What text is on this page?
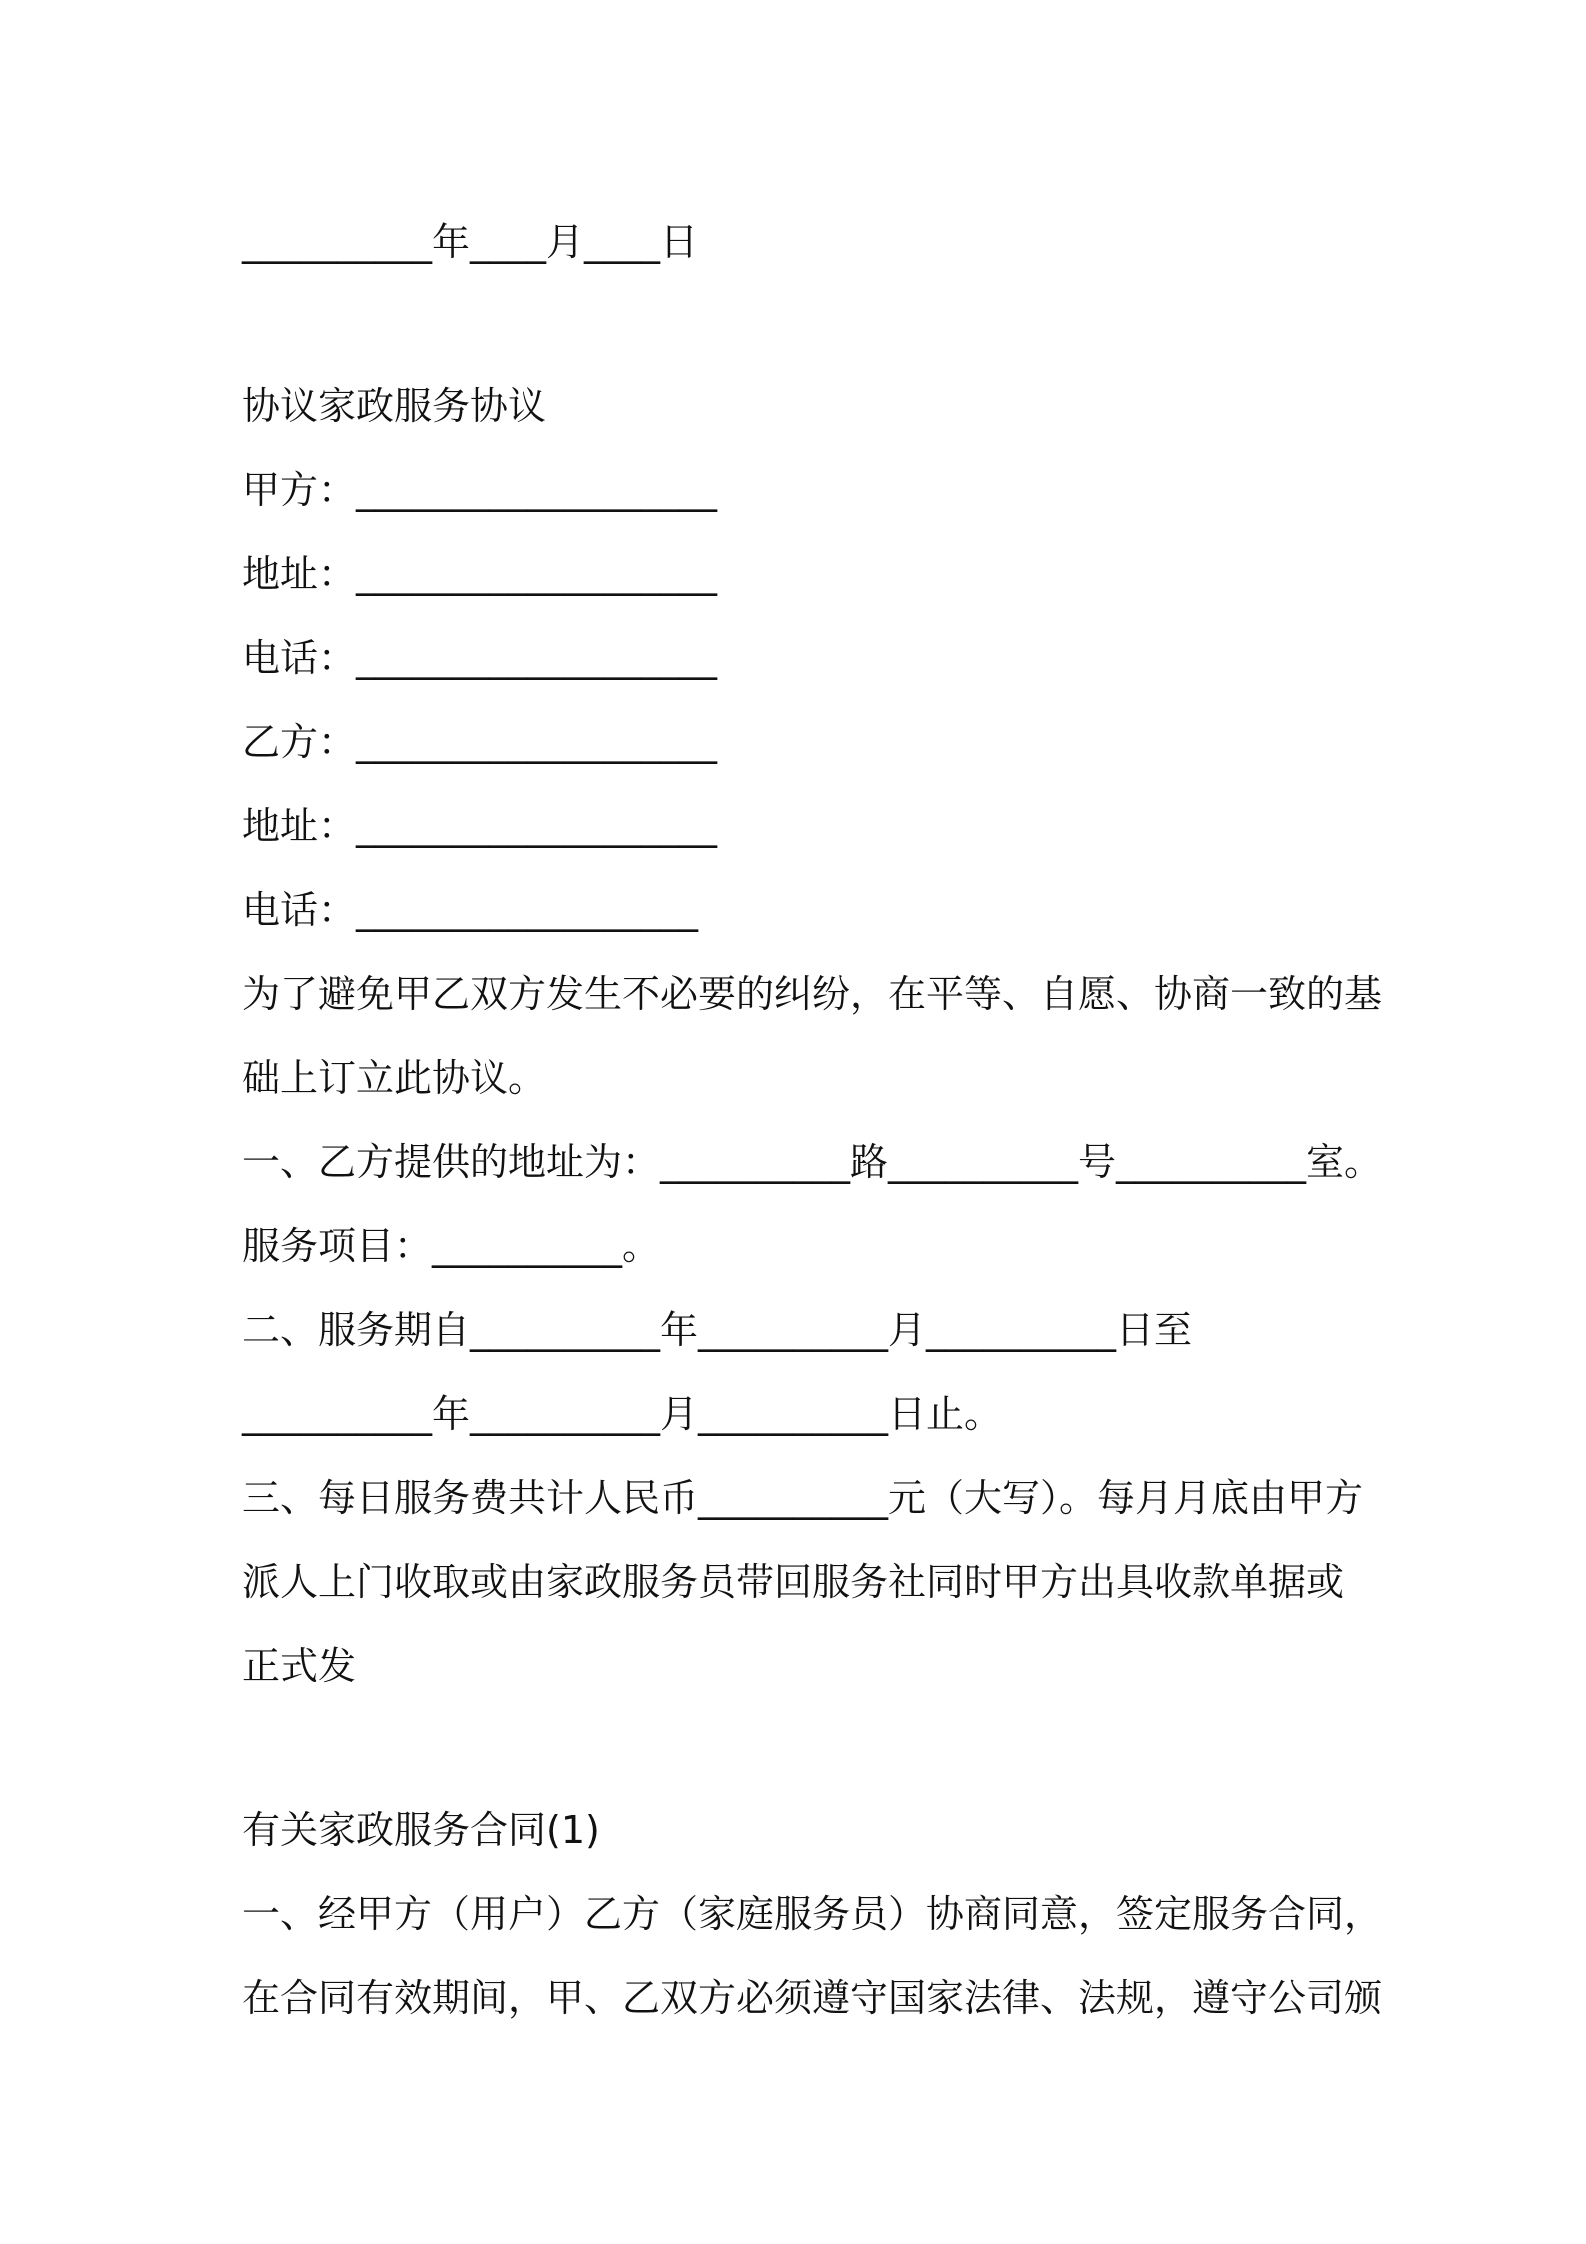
__________年____月____日

协议家政服务协议

甲方：___________________

地址：___________________

电话：___________________

乙方：___________________

地址：___________________

电话：__________________

为了避免甲乙双方发生不必要的纠纷，在平等、自愿、协商一致的基

础上订立此协议。

一、乙方提供的地址为：__________路__________号__________室。

服务项目：__________。

二、服务期自__________年__________月__________日至

__________年__________月__________日止。

三、每日服务费共计人民币__________元（大写）。每月月底由甲方

派人上门收取或由家政服务员带回服务社同时甲方出具收款单据或

正式发

有关家政服务合同(1)

一、经甲方（用户）乙方（家庭服务员）协商同意，签定服务合同，

在合同有效期间，甲、乙双方必须遵守国家法律、法规，遵守公司颁
